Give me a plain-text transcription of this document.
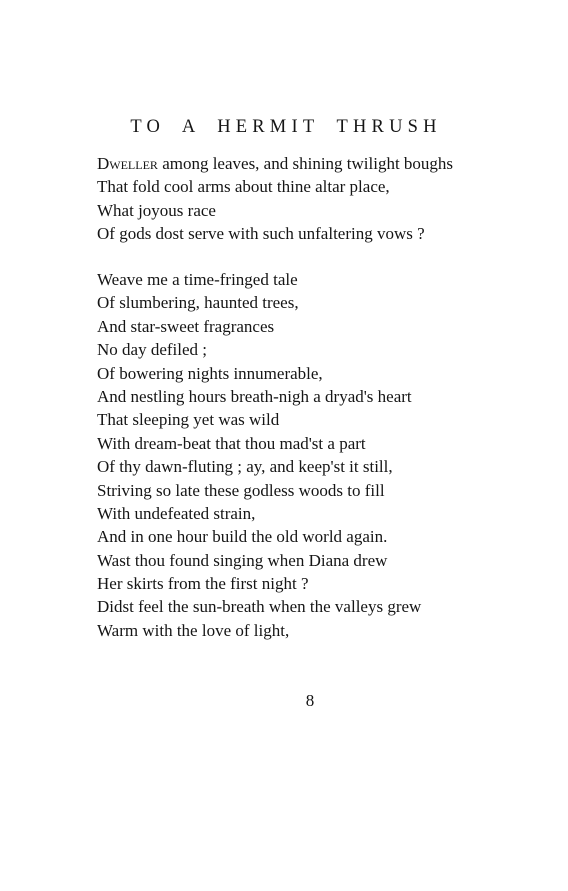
TO A HERMIT THRUSH
Dweller among leaves, and shining twilight boughs
That fold cool arms about thine altar place,
What joyous race
Of gods dost serve with such unfaltering vows ?
Weave me a time-fringed tale
Of slumbering, haunted trees,
And star-sweet fragrances
No day defiled ;
Of bowering nights innumerable,
And nestling hours breath-nigh a dryad's heart
That sleeping yet was wild
With dream-beat that thou mad'st a part
Of thy dawn-fluting ; ay, and keep'st it still,
Striving so late these godless woods to fill
With undefeated strain,
And in one hour build the old world again.
Wast thou found singing when Diana drew
Her skirts from the first night ?
Didst feel the sun-breath when the valleys grew
Warm with the love of light,
8
